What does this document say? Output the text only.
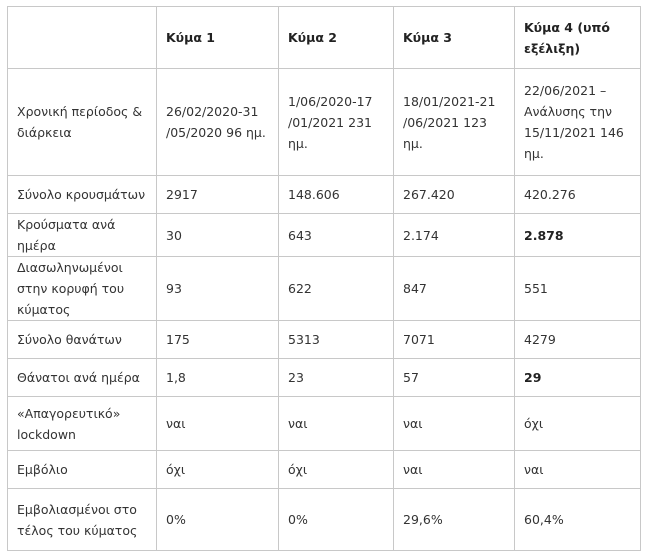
	Κύμα 1	Κύμα 2	Κύμα 3	Κύμα 4 (υπό εξέλιξη)
Χρονική περίοδος & διάρκεια	26/02/2020-31 /05/2020 96 ημ.	1/06/2020-17 /01/2021 231 ημ.	18/01/2021-21 /06/2021 123 ημ.	22/06/2021 – Ανάλυσης την 15/11/2021 146 ημ.
Σύνολο κρουσμάτων	2917	148.606	267.420	420.276
Κρούσματα ανά ημέρα	30	643	2.174	2.878
Διασωληνωμένοι στην κορυφή του κύματος	93	622	847	551
Σύνολο θανάτων	175	5313	7071	4279
Θάνατοι ανά ημέρα	1,8	23	57	29
«Απαγορευτικό» lockdown	ναι	ναι	ναι	όχι
Εμβόλιο	όχι	όχι	ναι	ναι
Εμβολιασμένοι στο τέλος του κύματος	0%	0%	29,6%	60,4%
